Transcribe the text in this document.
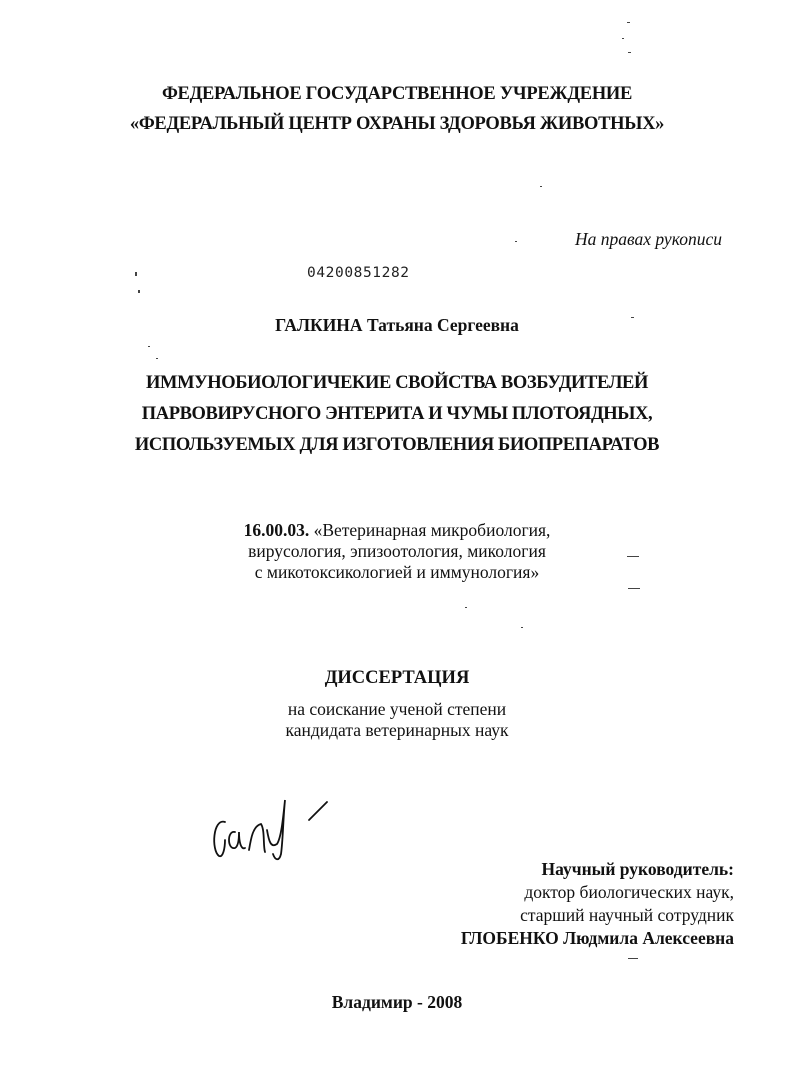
ФЕДЕРАЛЬНОЕ ГОСУДАРСТВЕННОЕ УЧРЕЖДЕНИЕ
«ФЕДЕРАЛЬНЫЙ ЦЕНТР ОХРАНЫ ЗДОРОВЬЯ ЖИВОТНЫХ»
На правах рукописи
04200851282
ГАЛКИНА Татьяна Сергеевна
ИММУНОБИОЛОГИЧЕКИЕ СВОЙСТВА ВОЗБУДИТЕЛЕЙ
ПАРВОВИРУСНОГО ЭНТЕРИТА И ЧУМЫ ПЛОТОЯДНЫХ,
ИСПОЛЬЗУЕМЫХ ДЛЯ ИЗГОТОВЛЕНИЯ БИОПРЕПАРАТОВ
16.00.03. «Ветеринарная микробиология,
вирусология, эпизоотология, микология
с микотоксикологией и иммунология»
ДИССЕРТАЦИЯ
на соискание ученой степени
кандидата ветеринарных наук
Научный руководитель:
доктор биологических наук,
старший научный сотрудник
ГЛОБЕНКО Людмила Алексеевна
Владимир - 2008
